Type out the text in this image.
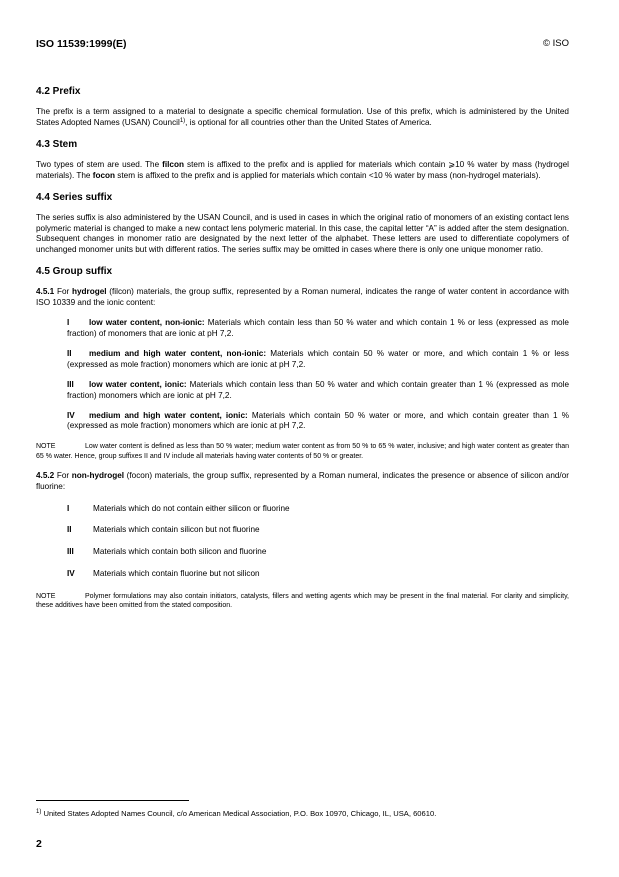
ISO 11539:1999(E)	© ISO
4.2 Prefix

The prefix is a term assigned to a material to designate a specific chemical formulation. Use of this prefix, which is administered by the United States Adopted Names (USAN) Council$^{1)}$, is optional for all countries other than the United States of America.

4.3 Stem

Two types of stem are used. The filcon stem is affixed to the prefix and is applied for materials which contain ⩾10 % water by mass (hydrogel materials). The focon stem is affixed to the prefix and is applied for materials which contain <10 % water by mass (non-hydrogel materials).

4.4 Series suffix

The series suffix is also administered by the USAN Council, and is used in cases in which the original ratio of monomers of an existing contact lens polymeric material is changed to make a new contact lens polymeric material. In this case, the capital letter “A” is added after the stem designation. Subsequent changes in monomer ratio are designated by the next letter of the alphabet. These letters are used to differentiate copolymers of unchanged monomer units but with different ratios. The series suffix may be omitted in cases where there is only one unique monomer ratio.

4.5 Group suffix

4.5.1 For hydrogel (filcon) materials, the group suffix, represented by a Roman numeral, indicates the range of water content in accordance with ISO 10339 and the ionic content:

I low water content, non-ionic: Materials which contain less than 50 % water and which contain 1 % or less (expressed as mole fraction) of monomers that are ionic at pH 7,2.
II medium and high water content, non-ionic: Materials which contain 50 % water or more, and which contain 1 % or less (expressed as mole fraction) monomers which are ionic at pH 7,2.
III low water content, ionic: Materials which contain less than 50 % water and which contain greater than 1 % (expressed as mole fraction) monomers which are ionic at pH 7,2.
IV medium and high water content, ionic: Materials which contain 50 % water or more, and which contain greater than 1 % (expressed as mole fraction) monomers which are ionic at pH 7,2.
NOTE	Low water content is defined as less than 50 % water; medium water content as from 50 % to 65 % water, inclusive; and high water content as greater than 65 % water. Hence, group suffixes II and IV include all materials having water contents of 50 % or greater.

4.5.2 For non-hydrogel (focon) materials, the group suffix, represented by a Roman numeral, indicates the presence or absence of silicon and/or fluorine:

I	Materials which do not contain either silicon or fluorine
II	Materials which contain silicon but not fluorine
III Materials which contain both silicon and fluorine
IV Materials which contain fluorine but not silicon
NOTE	Polymer formulations may also contain initiators, catalysts, fillers and wetting agents which may be present in the final material. For clarity and simplicity, these additives have been omitted from the stated composition.
$^{1)}$ United States Adopted Names Council, c/o American Medical Association, P.O. Box 10970, Chicago, IL, USA, 60610.
2
